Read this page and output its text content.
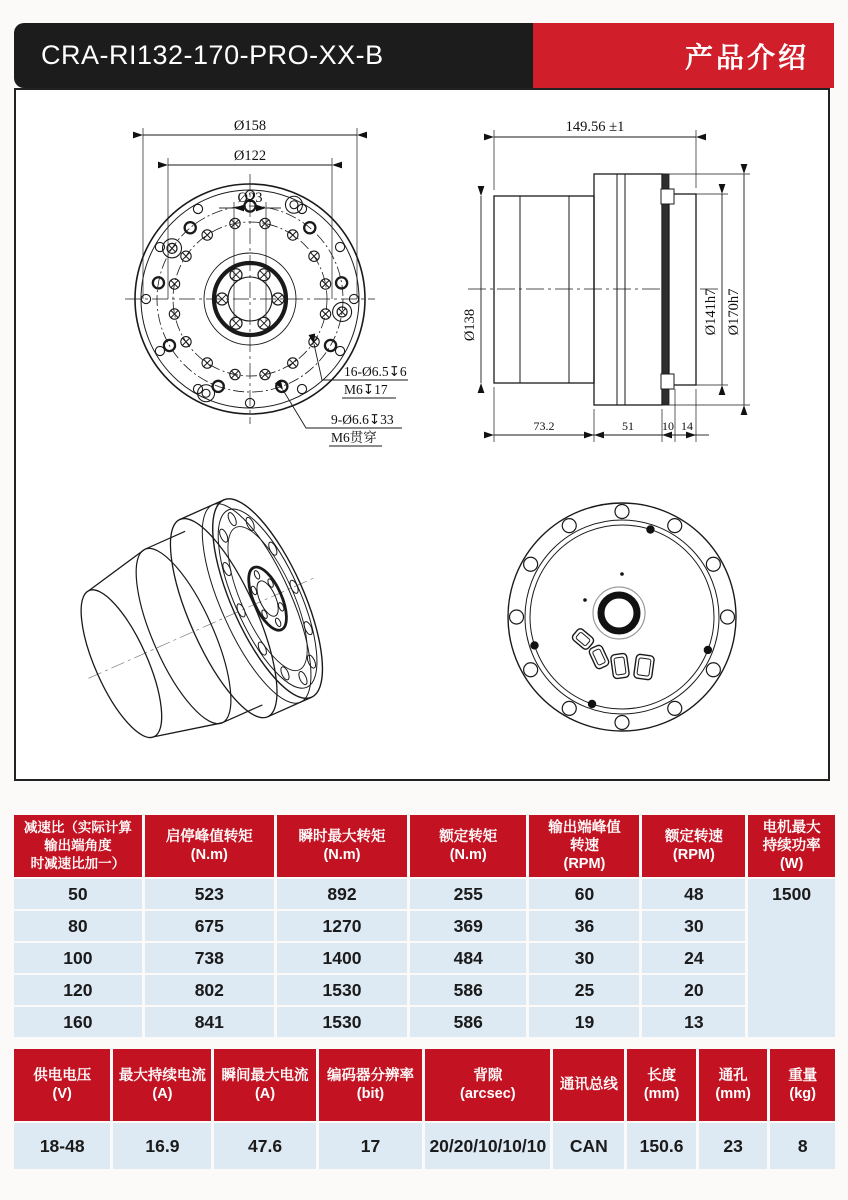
CRA-RI132-170-PRO-XX-B	产品介绍
Ø158
Ø122
Ø23
16-Ø6.5↧6
M6↧17
9-Ø6.6↧33
M6贯穿
149.56 ±1
Ø138	Ø141h7 Ø170h7
73.2	51 10 14
减速比（实际计算
输出端角度
时减速比加一）

启停峰值转矩
(N.m)

瞬时最大转矩
(N.m)

额定转矩
(N.m)

输出端峰值
转速
(RPM)

额定转速
(RPM)

电机最大
持续功率
(W)

50	523	892	255	60	48	1500
80	675	1270	369	36	30	
100	738	1400	484	30	24	
120	802	1530	586	25	20	
160	841	1530	586	19	13	
供电电压
(V)

最大持续电流
(A)

瞬间最大电流
(A)

编码器分辨率
(bit)

背隙
(arcsec)

通讯总线

长度
(mm)

通孔
(mm)

重量
(kg)

18-48	16.9	47.6	17	20/20/10/10/10	CAN	150.6	23	8
